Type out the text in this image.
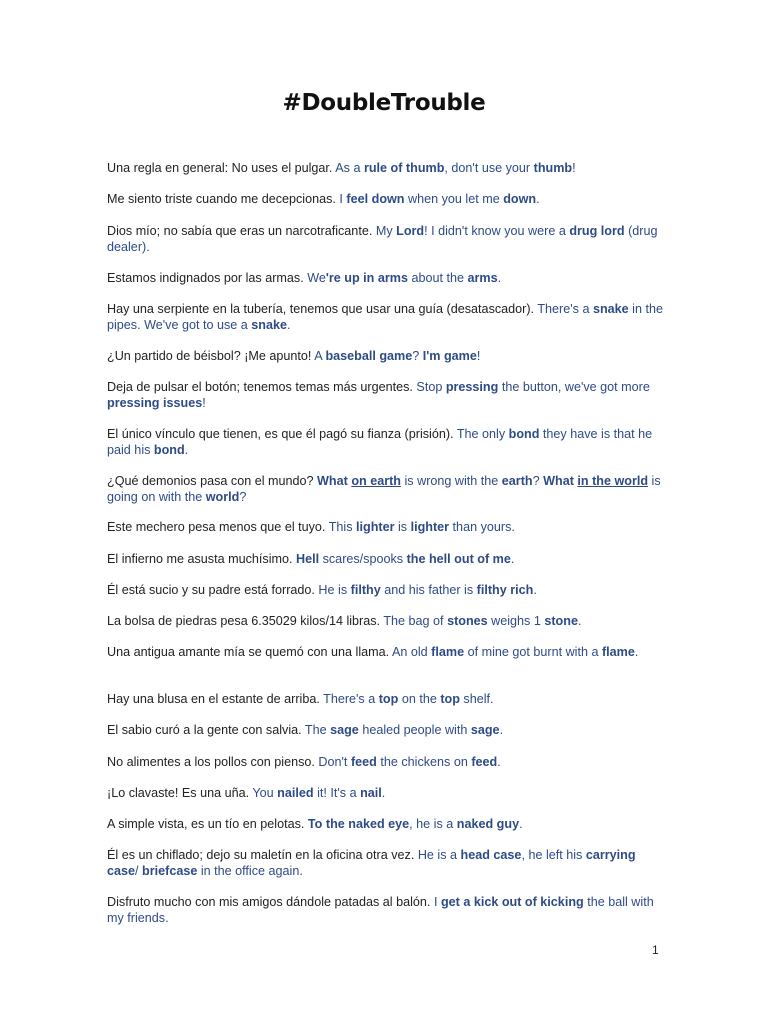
#DoubleTrouble
Una regla en general: No uses el pulgar. As a rule of thumb, don't use your thumb!
Me siento triste cuando me decepcionas. I feel down when you let me down.
Dios mío; no sabía que eras un narcotraficante. My Lord! I didn't know you were a drug lord (drug dealer).
Estamos indignados por las armas. We're up in arms about the arms.
Hay una serpiente en la tubería, tenemos que usar una guía (desatascador). There's a snake in the pipes. We've got to use a snake.
¿Un partido de béisbol? ¡Me apunto! A baseball game? I'm game!
Deja de pulsar el botón; tenemos temas más urgentes. Stop pressing the button, we've got more pressing issues!
El único vínculo que tienen, es que él pagó su fianza (prisión). The only bond they have is that he paid his bond.
¿Qué demonios pasa con el mundo? What on earth is wrong with the earth? What in the world is going on with the world?
Este mechero pesa menos que el tuyo. This lighter is lighter than yours.
El infierno me asusta muchísimo. Hell scares/spooks the hell out of me.
Él está sucio y su padre está forrado. He is filthy and his father is filthy rich.
La bolsa de piedras pesa 6.35029 kilos/14 libras. The bag of stones weighs 1 stone.
Una antigua amante mía se quemó con una llama. An old flame of mine got burnt with a flame.
Hay una blusa en el estante de arriba. There's a top on the top shelf.
El sabio curó a la gente con salvia. The sage healed people with sage.
No alimentes a los pollos con pienso. Don't feed the chickens on feed.
¡Lo clavaste! Es una uña. You nailed it! It's a nail.
A simple vista, es un tío en pelotas. To the naked eye, he is a naked guy.
Él es un chiflado; dejo su maletín en la oficina otra vez. He is a head case, he left his carrying case/ briefcase in the office again.
Disfruto mucho con mis amigos dándole patadas al balón. I get a kick out of kicking the ball with my friends.
1
